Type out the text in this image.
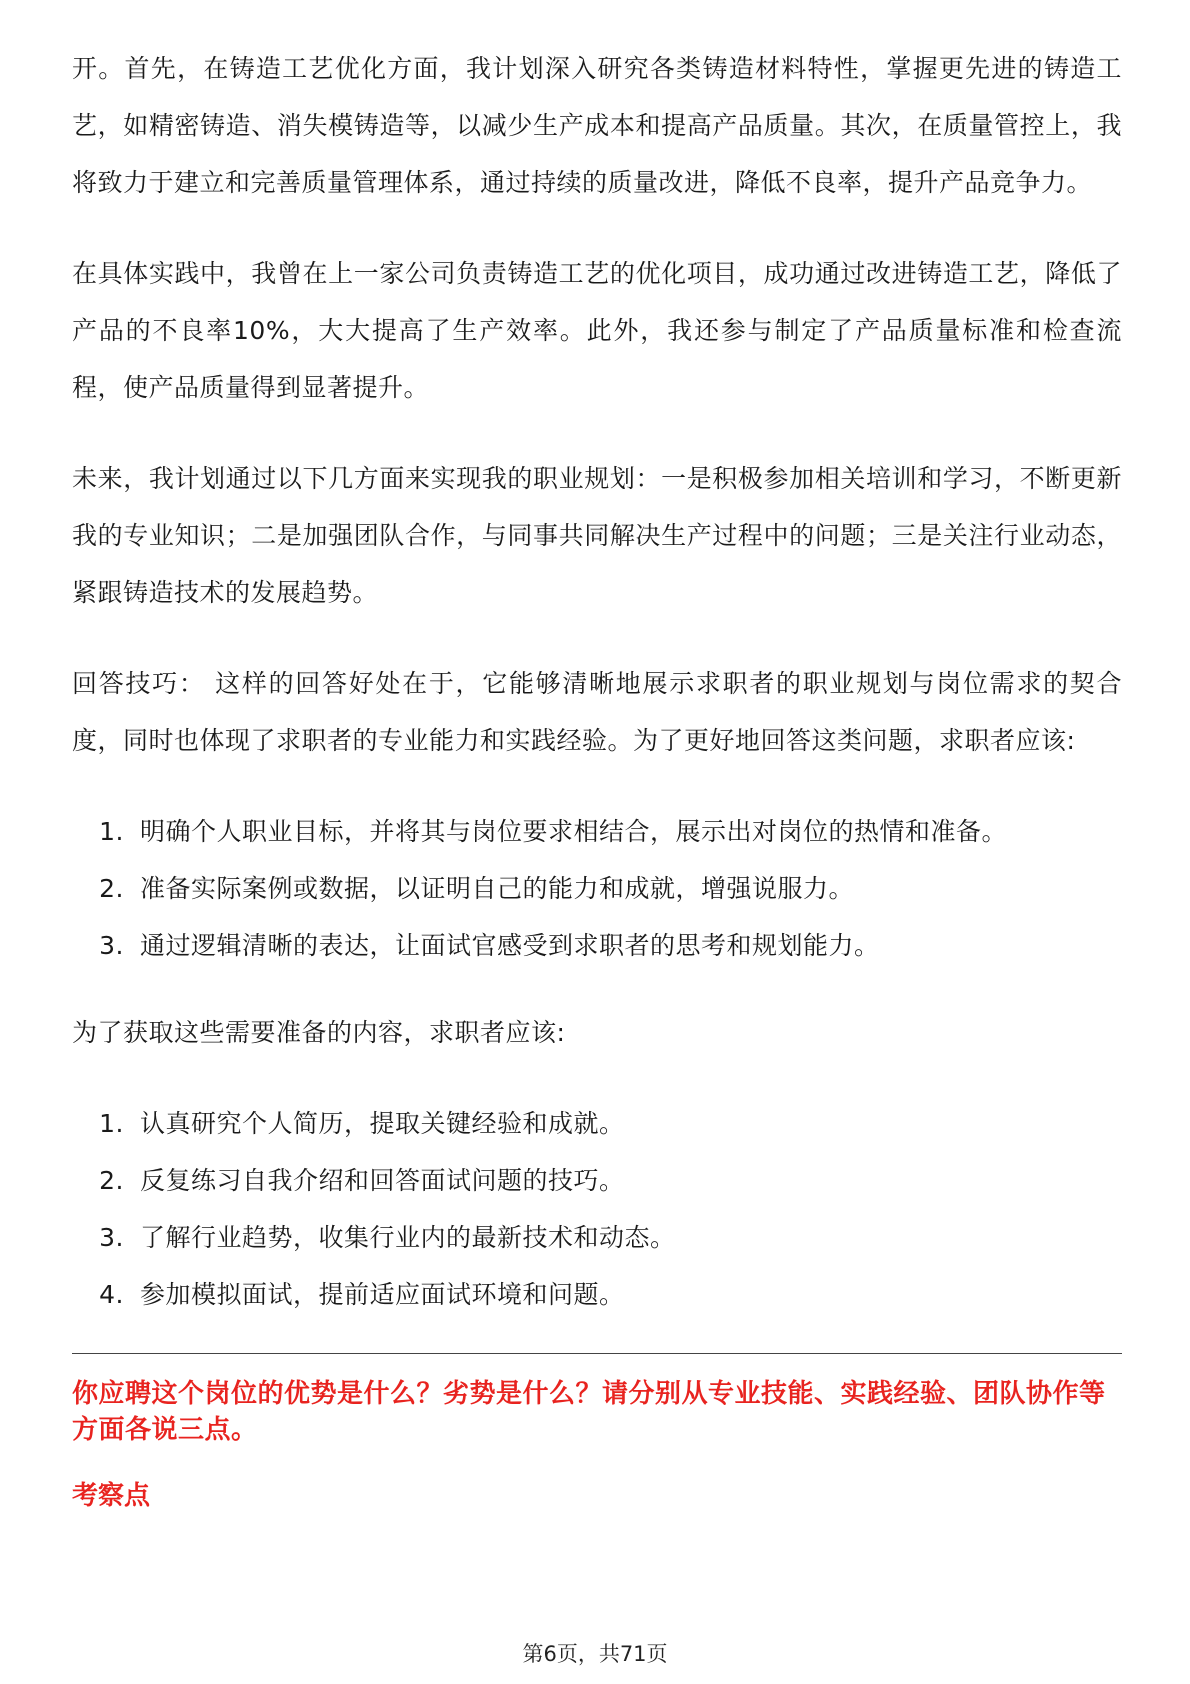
开。首先，在铸造工艺优化方面，我计划深入研究各类铸造材料特性，掌握更先进的铸造工艺，如精密铸造、消失模铸造等，以减少生产成本和提高产品质量。其次，在质量管控上，我将致力于建立和完善质量管理体系，通过持续的质量改进，降低不良率，提升产品竞争力。

在具体实践中，我曾在上一家公司负责铸造工艺的优化项目，成功通过改进铸造工艺，降低了产品的不良率10%，大大提高了生产效率。此外，我还参与制定了产品质量标准和检查流程，使产品质量得到显著提升。

未来，我计划通过以下几方面来实现我的职业规划：一是积极参加相关培训和学习，不断更新我的专业知识；二是加强团队合作，与同事共同解决生产过程中的问题；三是关注行业动态，紧跟铸造技术的发展趋势。

回答技巧： 这样的回答好处在于，它能够清晰地展示求职者的职业规划与岗位需求的契合度，同时也体现了求职者的专业能力和实践经验。为了更好地回答这类问题，求职者应该:

1. 明确个人职业目标，并将其与岗位要求相结合，展示出对岗位的热情和准备。
2. 准备实际案例或数据，以证明自己的能力和成就，增强说服力。
3. 通过逻辑清晰的表达，让面试官感受到求职者的思考和规划能力。

为了获取这些需要准备的内容，求职者应该:

1. 认真研究个人简历，提取关键经验和成就。
2. 反复练习自我介绍和回答面试问题的技巧。
3. 了解行业趋势，收集行业内的最新技术和动态。
4. 参加模拟面试，提前适应面试环境和问题。

你应聘这个岗位的优势是什么？劣势是什么？请分别从专业技能、实践经验、团队协作等方面各说三点。

考察点

第6页，共71页
